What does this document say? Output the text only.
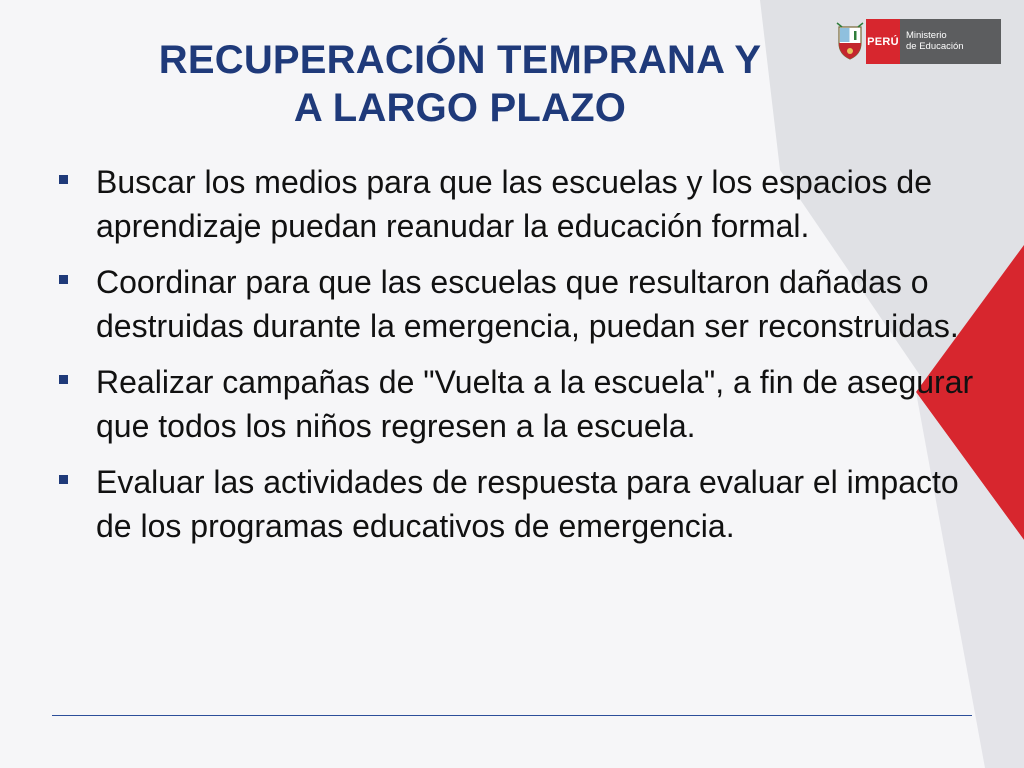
RECUPERACIÓN TEMPRANA Y
A LARGO PLAZO
PERÚ Ministerio
de Educación
Buscar los medios para que las escuelas y los espacios de aprendizaje puedan reanudar la educación formal.
Coordinar para que las escuelas que resultaron dañadas o destruidas durante la emergencia, puedan ser reconstruidas.
Realizar campañas de "Vuelta a la escuela", a fin de asegurar que todos los niños regresen a la escuela.
Evaluar las actividades de respuesta para evaluar el impacto de los programas educativos de emergencia.
